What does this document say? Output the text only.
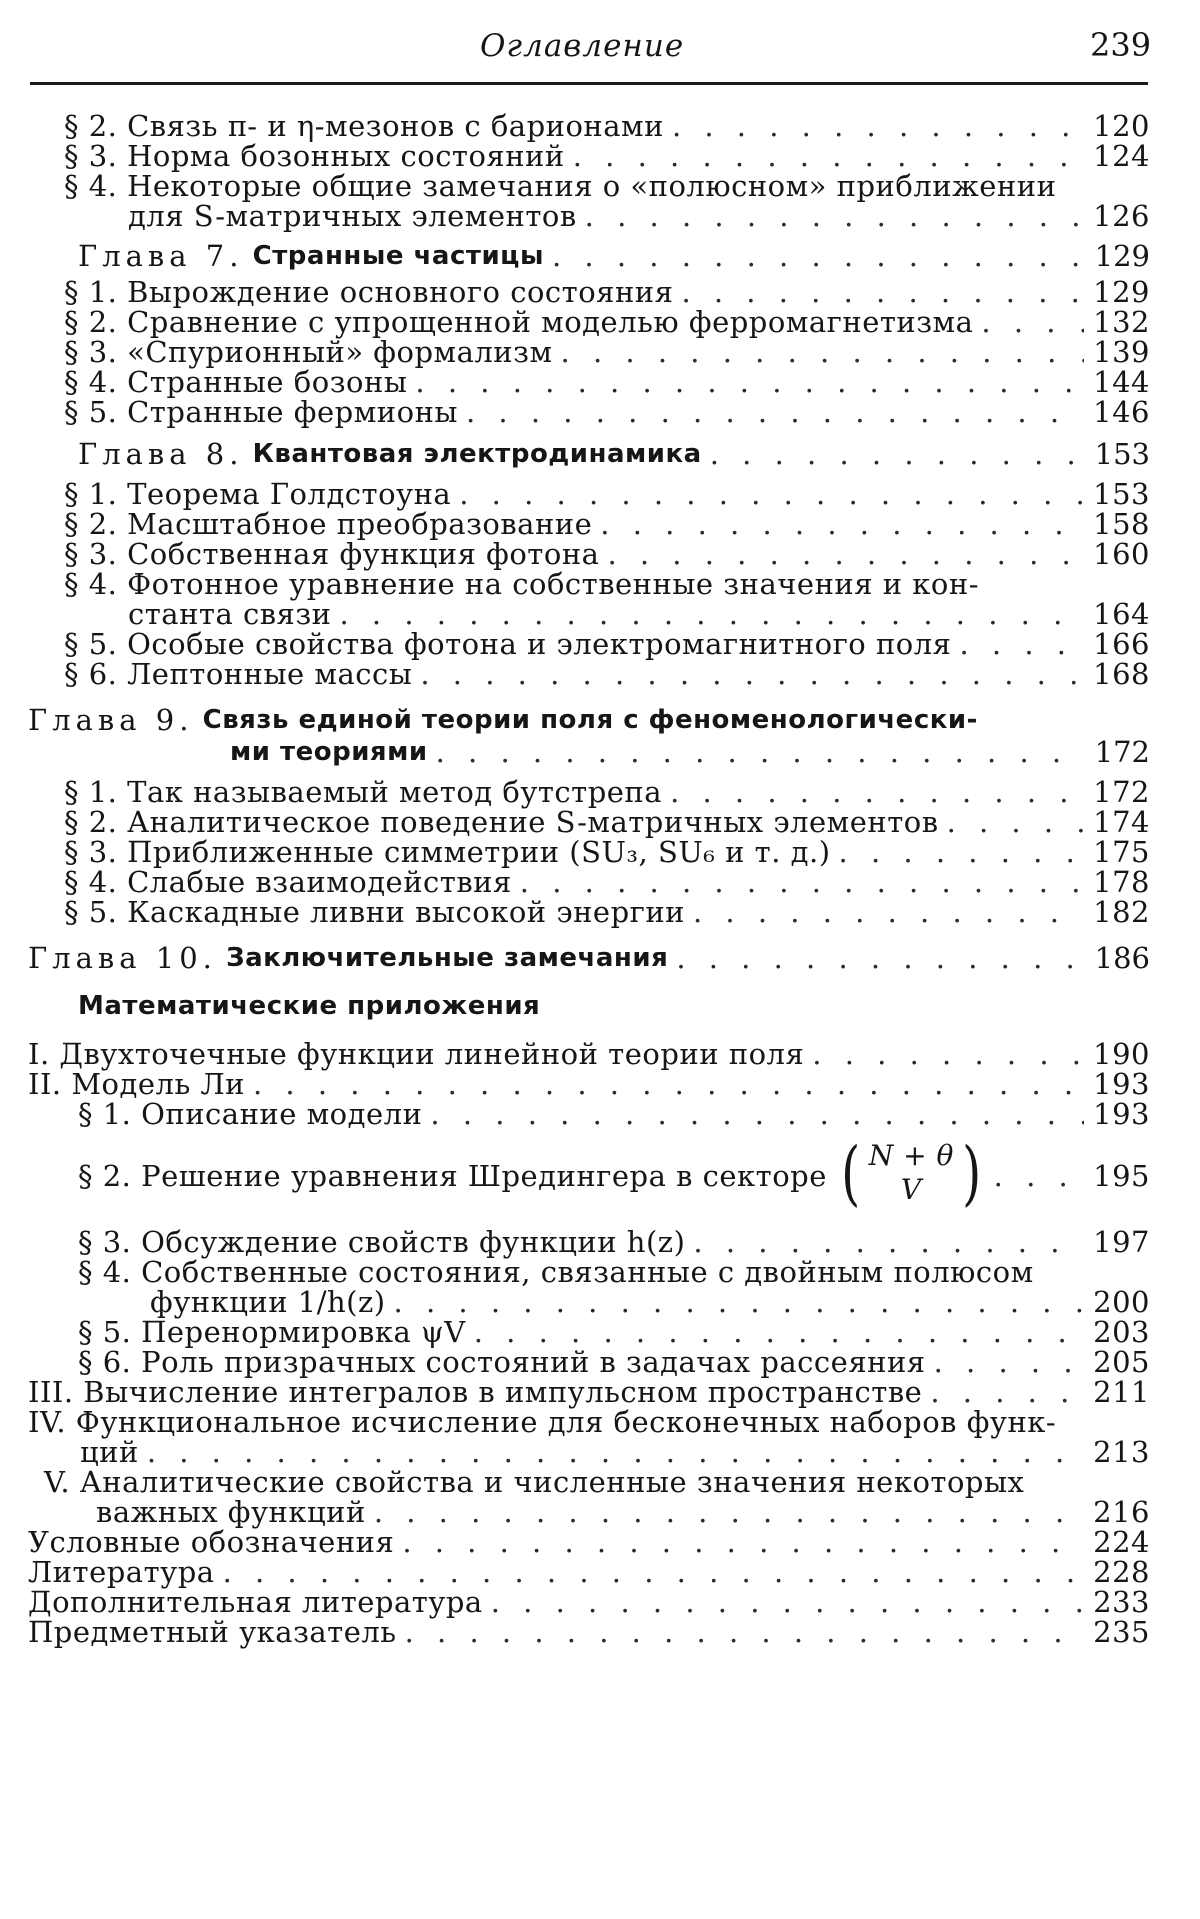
Оглавление	239
§ 2. Связь π- и η-мезонов с барионами . . .	120
§ 3. Норма бозонных состояний . . .	124
§ 4. Некоторые общие замечания о «полюсном» приближении
для S-матричных элементов . . .	126
Глава 7.
Странные частицы . . .	129
§ 1. Вырождение основного состояния . . .	129
§ 2. Сравнение с упрощенной моделью ферромагнетизма . . .	132
§ 3. «Спурионный» формализм . . .	139
§ 4. Странные бозоны . . .	144
§ 5. Странные фермионы . . .	146
Глава 8.
Квантовая электродинамика . . .	153
§ 1. Теорема Голдстоуна . . .	153
§ 2. Масштабное преобразование . . .	158
§ 3. Собственная функция фотона . . .	160
§ 4. Фотонное уравнение на собственные значения и кон-
станта связи . . .	164
§ 5. Особые свойства фотона и электромагнитного поля . . .	166
§ 6. Лептонные массы . . .	168
Глава 9.
Связь единой теории поля с феноменологически-
ми теориями . . .	172
§ 1. Так называемый метод бутстрепа . . .	172
§ 2. Аналитическое поведение S-матричных элементов . . .	174
§ 3. Приближенные симметрии (SU₃, SU₆ и т. д.) . . .	175
§ 4. Слабые взаимодействия . . .	178
§ 5. Каскадные ливни высокой энергии . . .	182
Глава 10.
Заключительные замечания . . .	186
Математические приложения
I. Двухточечные функции линейной теории поля . . .	190
II. Модель Ли . . .	193
§ 1. Описание модели . . .	193
§ 2. Решение уравнения Шредингера в секторе ( N + θ
V ) . . .	195
§ 3. Обсуждение свойств функции h(z) . . .	197
§ 4. Собственные состояния, связанные с двойным полюсом
функции 1/h(z) . . .	200
§ 5. Перенормировка ψV . . .	203
§ 6. Роль призрачных состояний в задачах рассеяния . . .	205
III. Вычисление интегралов в импульсном пространстве . . .	211
IV. Функциональное исчисление для бесконечных наборов функ-
ций . . .	213
V. Аналитические свойства и численные значения некоторых
важных функций . . .	216
Условные обозначения . . .	224
Литература . . .	228
Дополнительная литература . . .	233
Предметный указатель . . .	235
